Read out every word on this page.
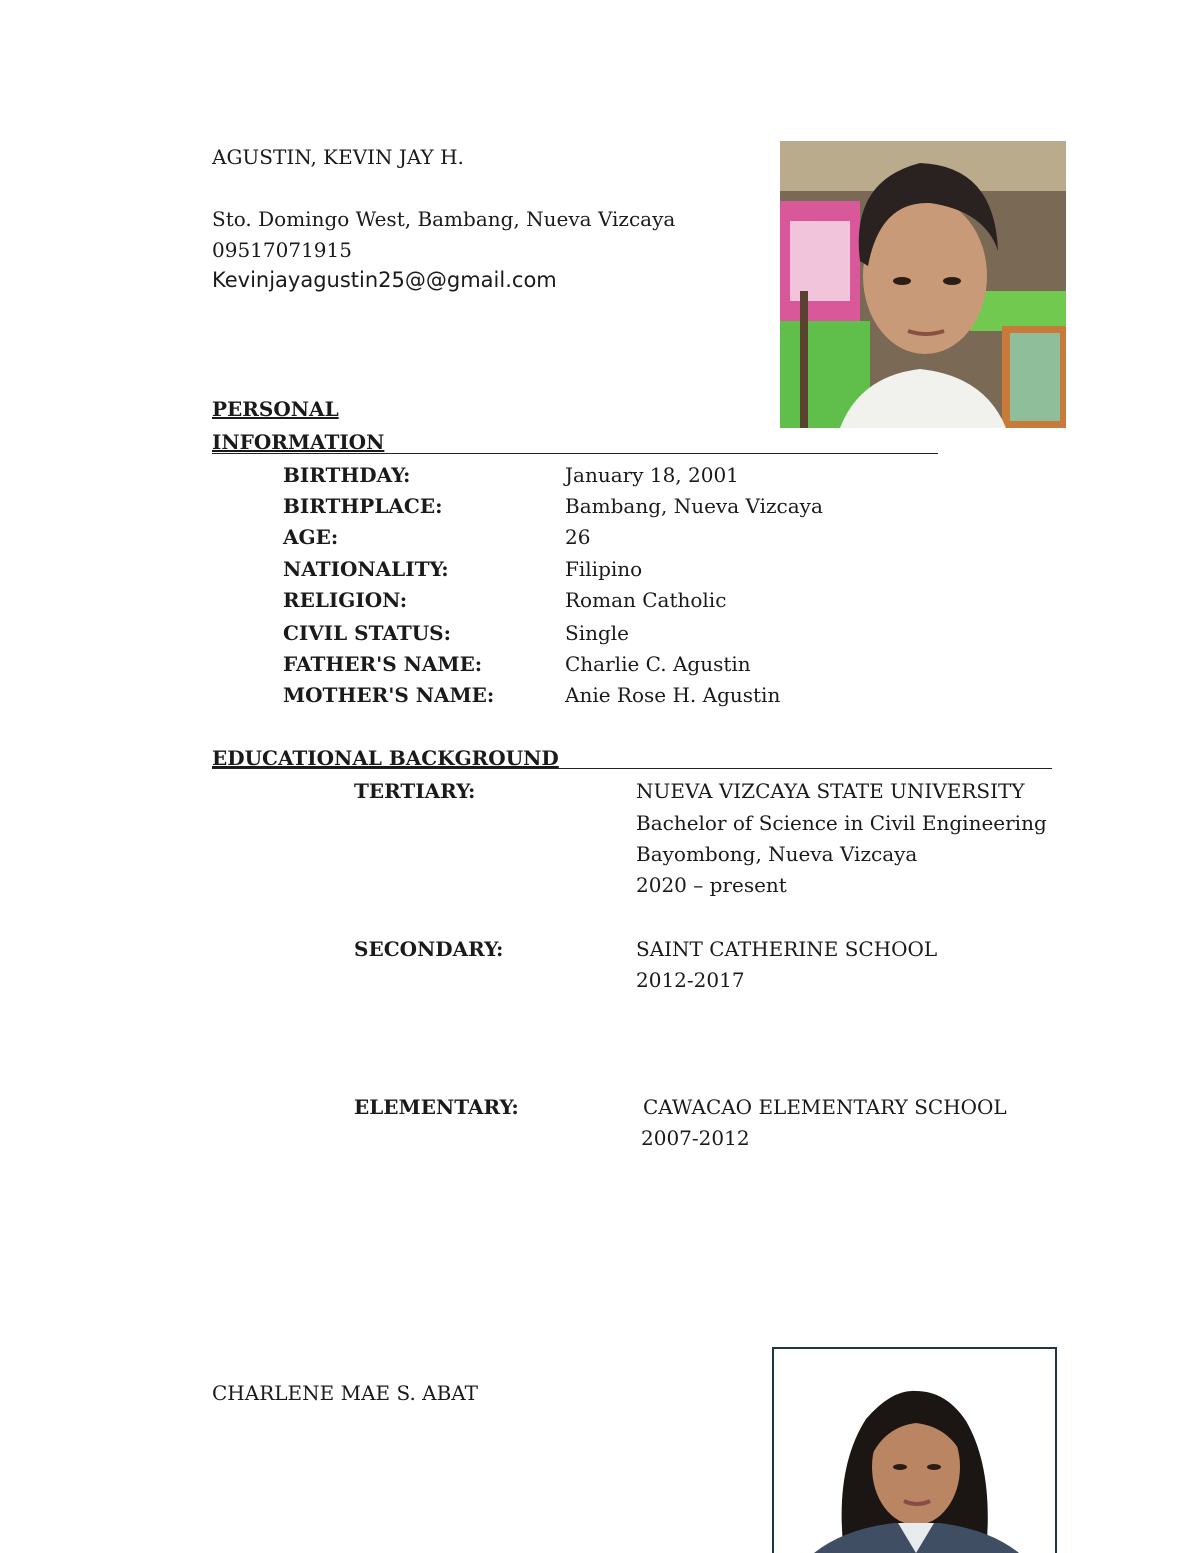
AGUSTIN, KEVIN JAY H.
Sto. Domingo West, Bambang, Nueva Vizcaya
09517071915
Kevinjayagustin25@@gmail.com
PERSONAL
INFORMATION
BIRTHDAY:	January 18, 2001
BIRTHPLACE:	Bambang, Nueva Vizcaya
AGE:	26
NATIONALITY:	Filipino
RELIGION:	Roman Catholic
CIVIL STATUS:	Single
FATHER'S NAME:	Charlie C. Agustin
MOTHER'S NAME:	Anie Rose H. Agustin
EDUCATIONAL BACKGROUND
TERTIARY:	NUEVA VIZCAYA STATE UNIVERSITY
Bachelor of Science in Civil Engineering
Bayombong, Nueva Vizcaya
2020 – present
SECONDARY:	SAINT CATHERINE SCHOOL
2012-2017
ELEMENTARY:	CAWACAO ELEMENTARY SCHOOL
2007-2012
CHARLENE MAE S. ABAT
